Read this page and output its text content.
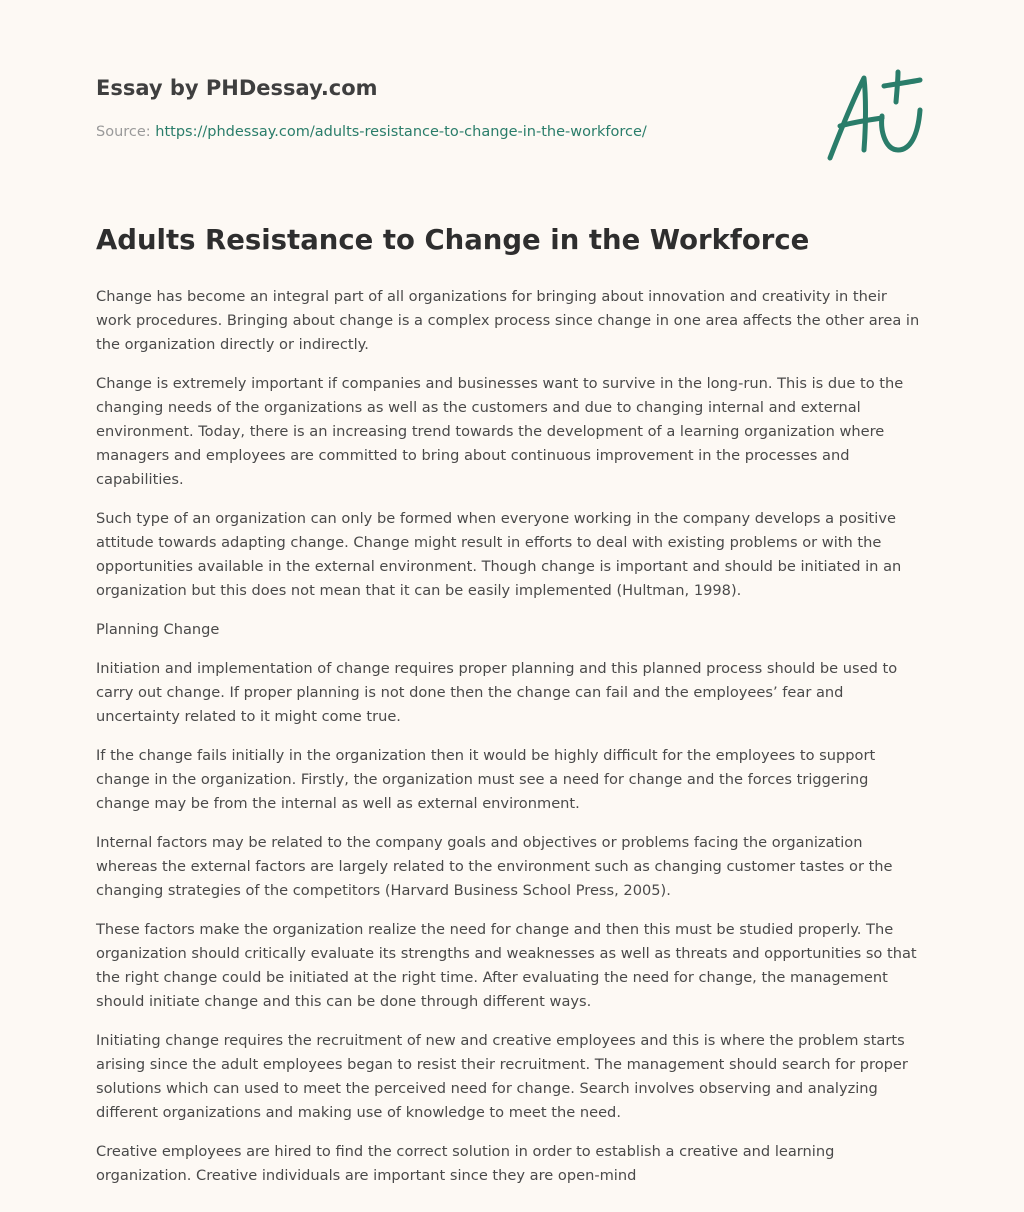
Essay by PHDessay.com
Source: https://phdessay.com/adults-resistance-to-change-in-the-workforce/
Adults Resistance to Change in the Workforce

Change has become an integral part of all organizations for bringing about innovation and creativity in their work procedures. Bringing about change is a complex process since change in one area affects the other area in the organization directly or indirectly.

Change is extremely important if companies and businesses want to survive in the long-run. This is due to the changing needs of the organizations as well as the customers and due to changing internal and external environment. Today, there is an increasing trend towards the development of a learning organization where managers and employees are committed to bring about continuous improvement in the processes and capabilities.

Such type of an organization can only be formed when everyone working in the company develops a positive attitude towards adapting change. Change might result in efforts to deal with existing problems or with the opportunities available in the external environment. Though change is important and should be initiated in an organization but this does not mean that it can be easily implemented (Hultman, 1998).

Planning Change

Initiation and implementation of change requires proper planning and this planned process should be used to carry out change. If proper planning is not done then the change can fail and the employees’ fear and uncertainty related to it might come true.

If the change fails initially in the organization then it would be highly difficult for the employees to support change in the organization. Firstly, the organization must see a need for change and the forces triggering change may be from the internal as well as external environment.

Internal factors may be related to the company goals and objectives or problems facing the organization whereas the external factors are largely related to the environment such as changing customer tastes or the changing strategies of the competitors (Harvard Business School Press, 2005).

These factors make the organization realize the need for change and then this must be studied properly. The organization should critically evaluate its strengths and weaknesses as well as threats and opportunities so that the right change could be initiated at the right time. After evaluating the need for change, the management should initiate change and this can be done through different ways.

Initiating change requires the recruitment of new and creative employees and this is where the problem starts arising since the adult employees began to resist their recruitment. The management should search for proper solutions which can used to meet the perceived need for change. Search involves observing and analyzing different organizations and making use of knowledge to meet the need.

Creative employees are hired to find the correct solution in order to establish a creative and learning organization. Creative individuals are important since they are open-mind
